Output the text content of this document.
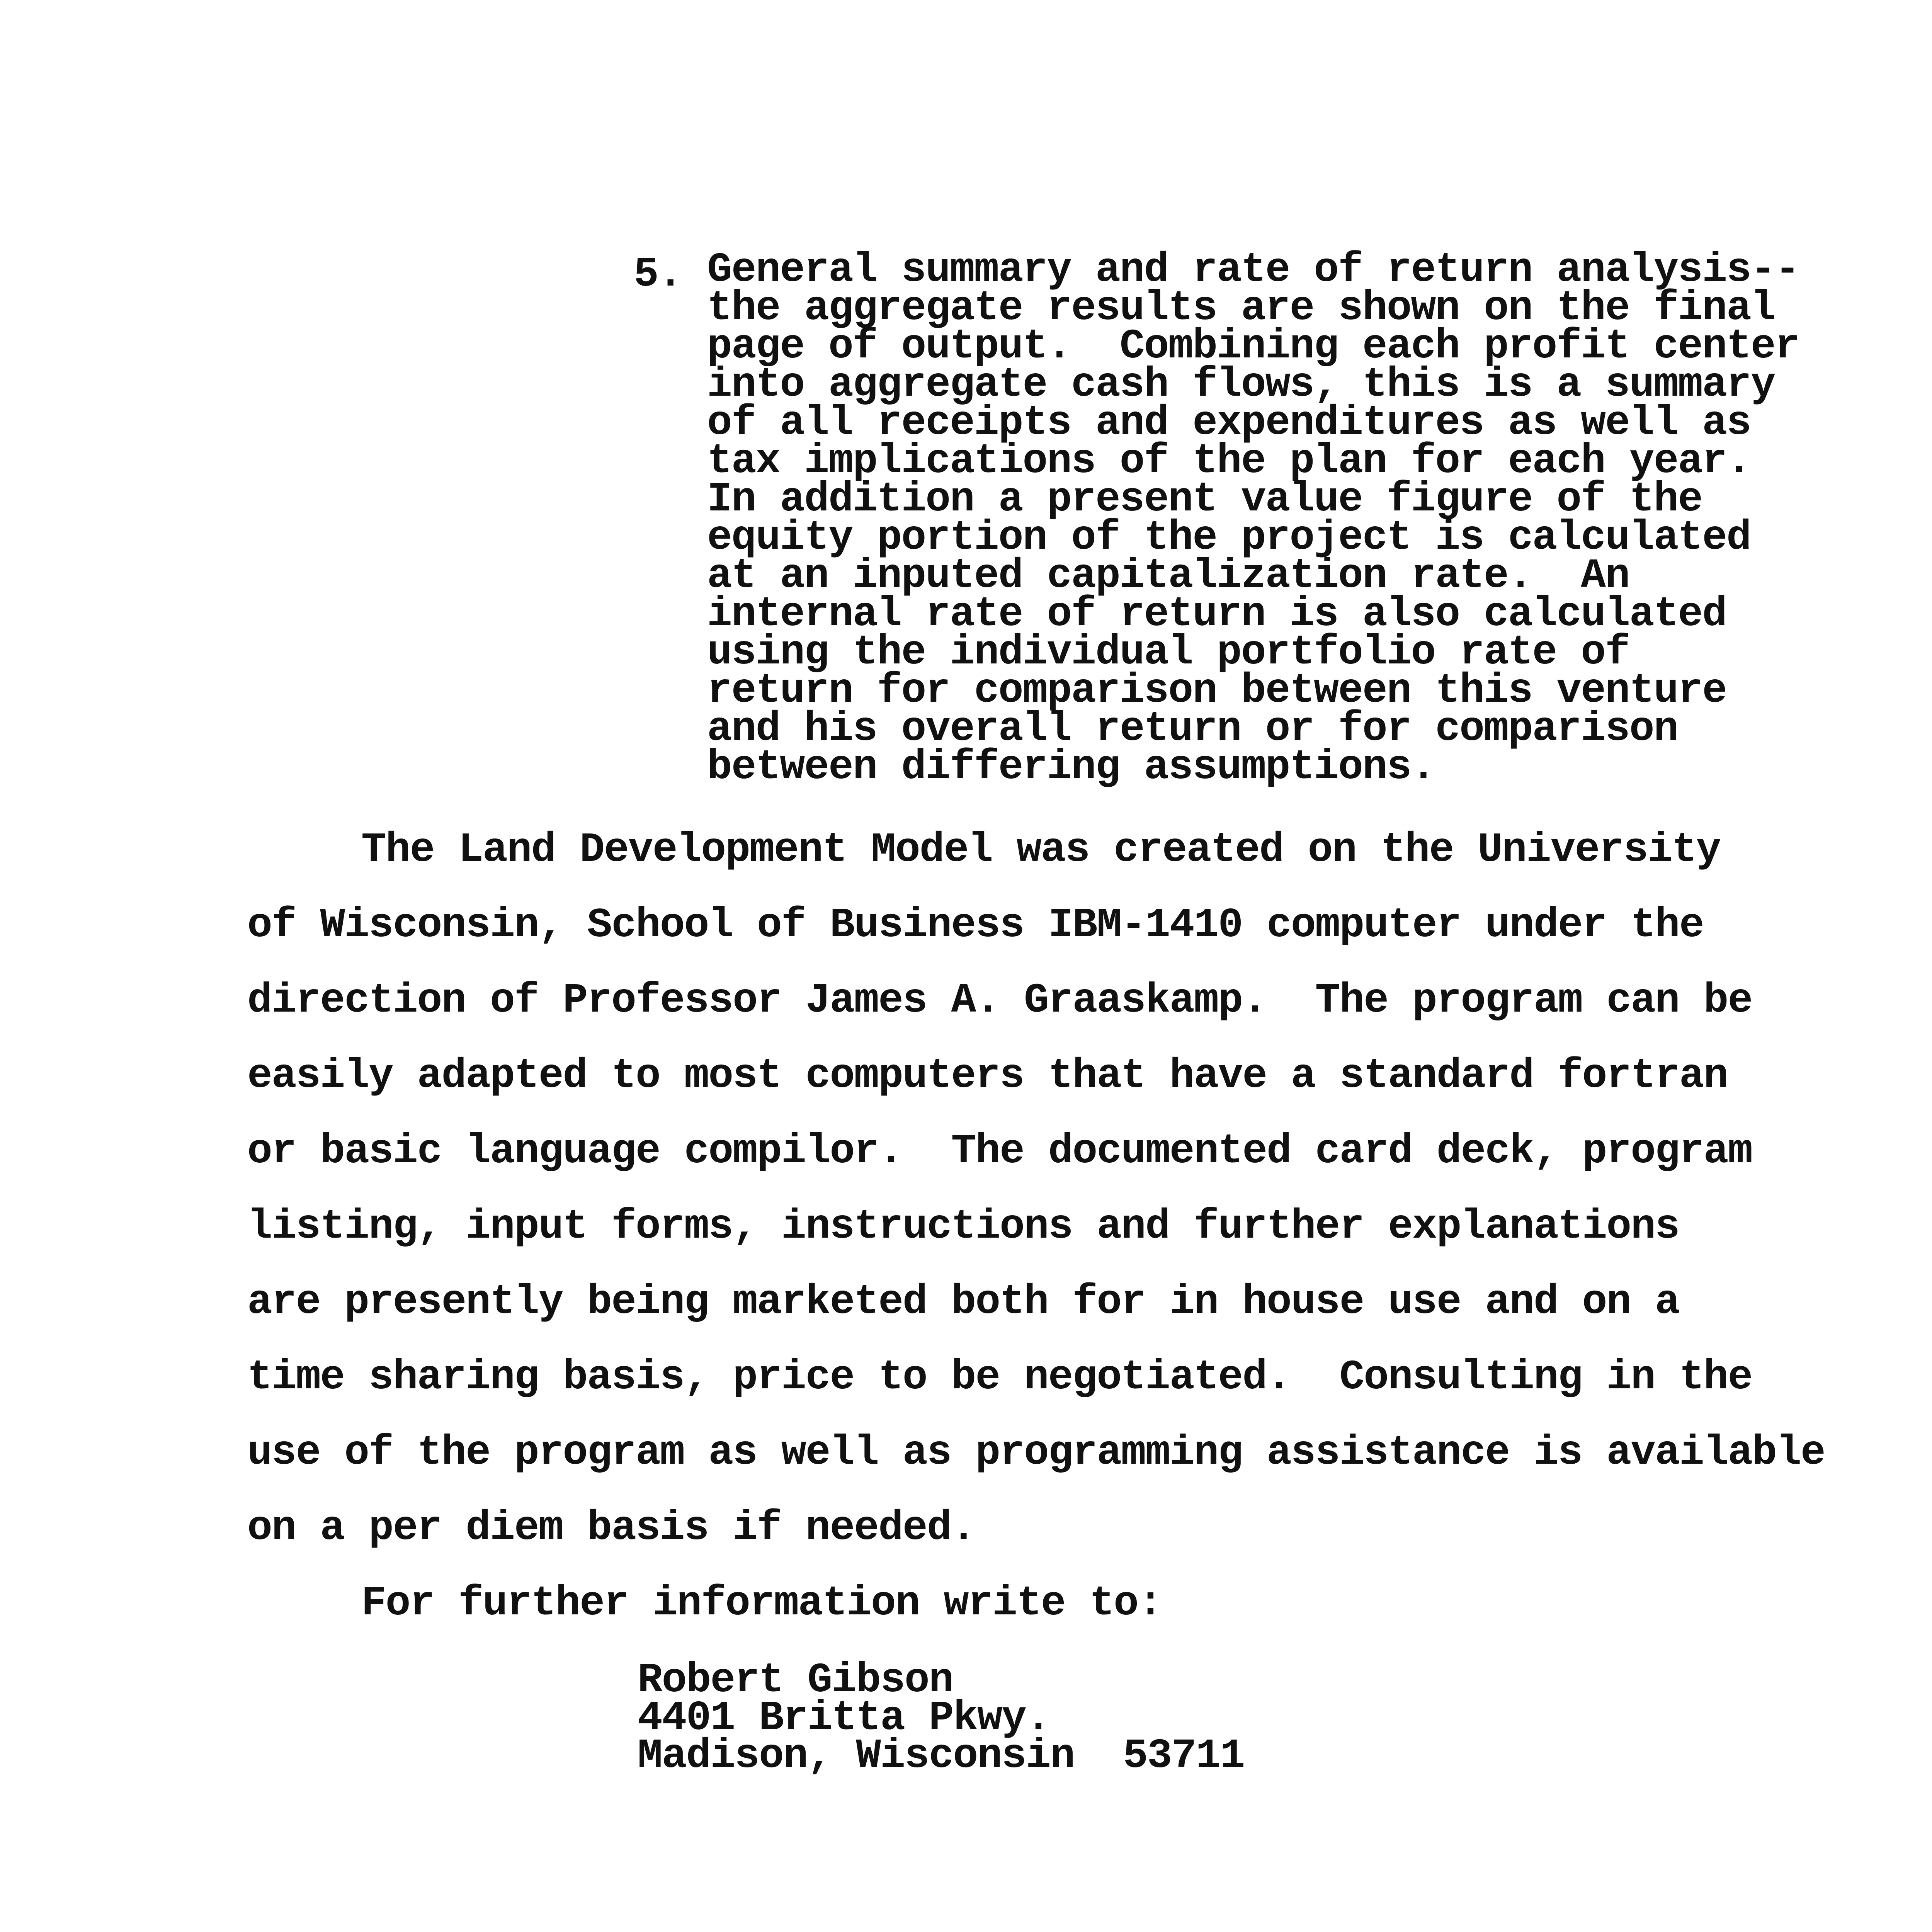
5. General summary and rate of return analysis--
the aggregate results are shown on the final
page of output.  Combining each profit center
into aggregate cash flows, this is a summary
of all receipts and expenditures as well as
tax implications of the plan for each year.
In addition a present value figure of the
equity portion of the project is calculated
at an inputed capitalization rate.  An
internal rate of return is also calculated
using the individual portfolio rate of
return for comparison between this venture
and his overall return or for comparison
between differing assumptions.
The Land Development Model was created on the University
of Wisconsin, School of Business IBM-1410 computer under the
direction of Professor James A. Graaskamp.  The program can be
easily adapted to most computers that have a standard fortran
or basic language compilor.  The documented card deck, program
listing, input forms, instructions and further explanations
are presently being marketed both for in house use and on a
time sharing basis, price to be negotiated.  Consulting in the
use of the program as well as programming assistance is available
on a per diem basis if needed.
For further information write to:
Robert Gibson
4401 Britta Pkwy.
Madison, Wisconsin  53711
